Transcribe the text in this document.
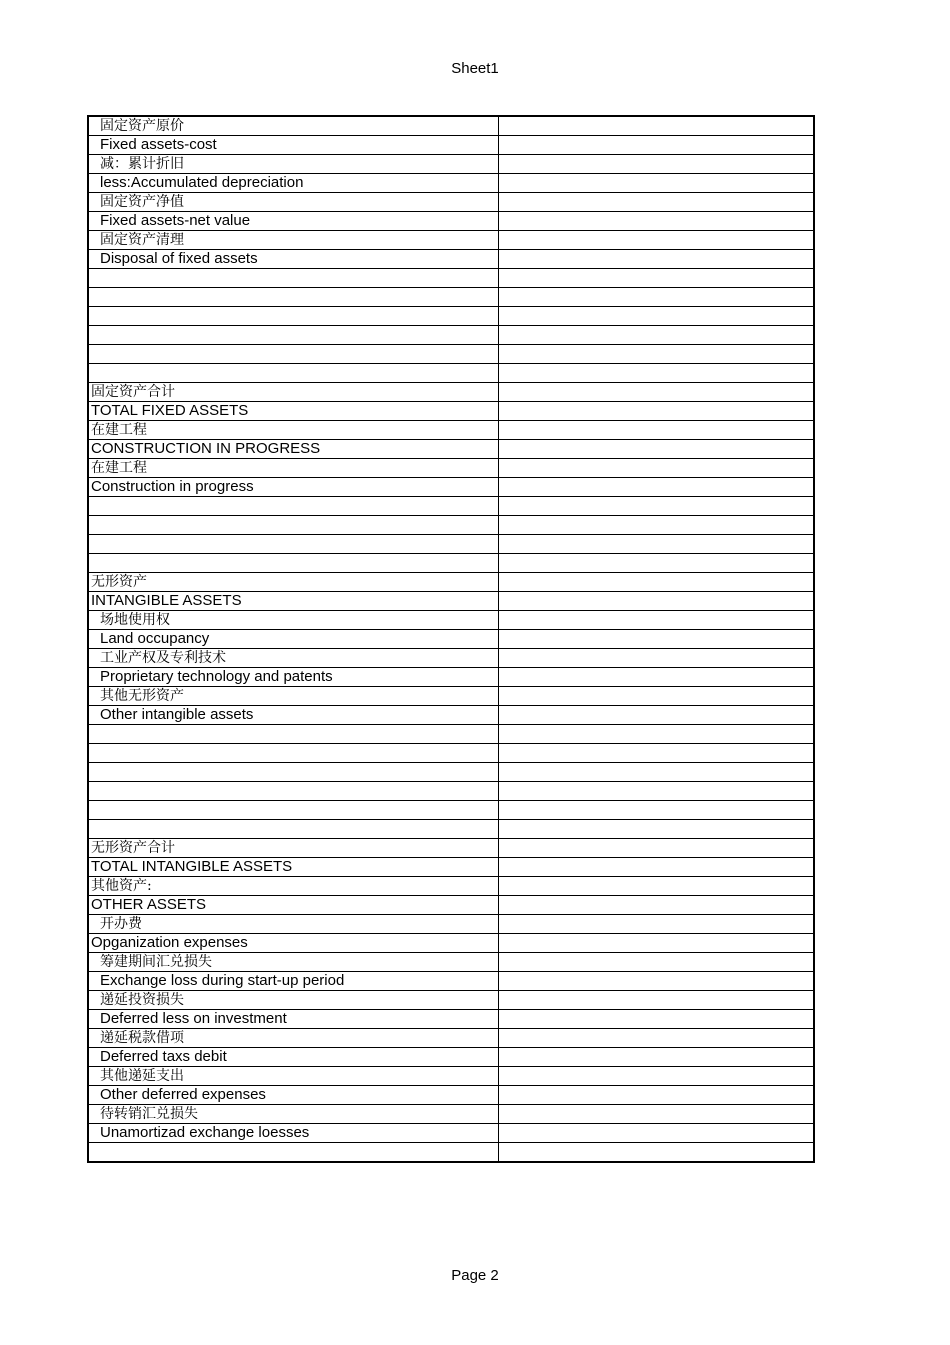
Sheet1
固定资产原价	
Fixed assets-cost	
减：累计折旧	
less:Accumulated depreciation	
固定资产净值	
Fixed assets-net value	
固定资产清理	
Disposal of fixed assets	

固定资产合计	
TOTAL FIXED ASSETS	
在建工程	
CONSTRUCTION IN PROGRESS	
在建工程	
Construction in progress	

无形资产	
INTANGIBLE ASSETS	
场地使用权	
Land occupancy	
工业产权及专利技术	
Proprietary technology and patents	
其他无形资产	
Other intangible assets	

无形资产合计	
TOTAL INTANGIBLE ASSETS	
其他资产:	
OTHER ASSETS	
开办费	
Opganization expenses	
筹建期间汇兑损失	
Exchange loss during start-up period	
递延投资损失	
Deferred less on investment	
递延税款借项	
Deferred taxs debit	
其他递延支出	
Other deferred expenses	
待转销汇兑损失	
Unamortizad exchange loesses	

Page 2
